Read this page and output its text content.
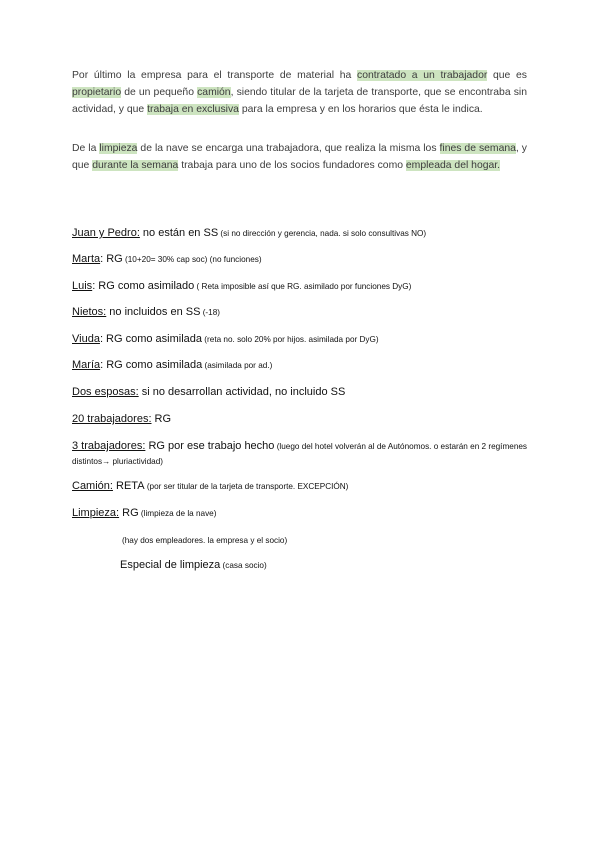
Por último la empresa para el transporte de material ha contratado a un trabajador que es propietario de un pequeño camión, siendo titular de la tarjeta de transporte, que se encontraba sin actividad, y que trabaja en exclusiva para la empresa y en los horarios que ésta le indica.
De la limpieza de la nave se encarga una trabajadora, que realiza la misma los fines de semana, y que durante la semana trabaja para uno de los socios fundadores como empleada del hogar.
Juan y Pedro: no están en SS (si no dirección y gerencia, nada. si solo consultivas NO)
Marta: RG (10+20= 30% cap soc) (no funciones)
Luis: RG como asimilado ( Reta imposible así que RG. asimilado por funciones DyG)
Nietos: no incluidos en SS (-18)
Viuda: RG como asimilada (reta no. solo 20% por hijos. asimilada por DyG)
María: RG como asimilada (asimilada por ad.)
Dos esposas: si no desarrollan actividad, no incluido SS
20 trabajadores: RG
3 trabajadores: RG por ese trabajo hecho (luego del hotel volverán al de Autónomos. o estarán en 2 regímenes distintos→ pluriactividad)
Camión: RETA (por ser titular de la tarjeta de transporte. EXCEPCIÓN)
Limpieza: RG (limpieza de la nave)
(hay dos empleadores. la empresa y el socio)
Especial de limpieza (casa socio)
